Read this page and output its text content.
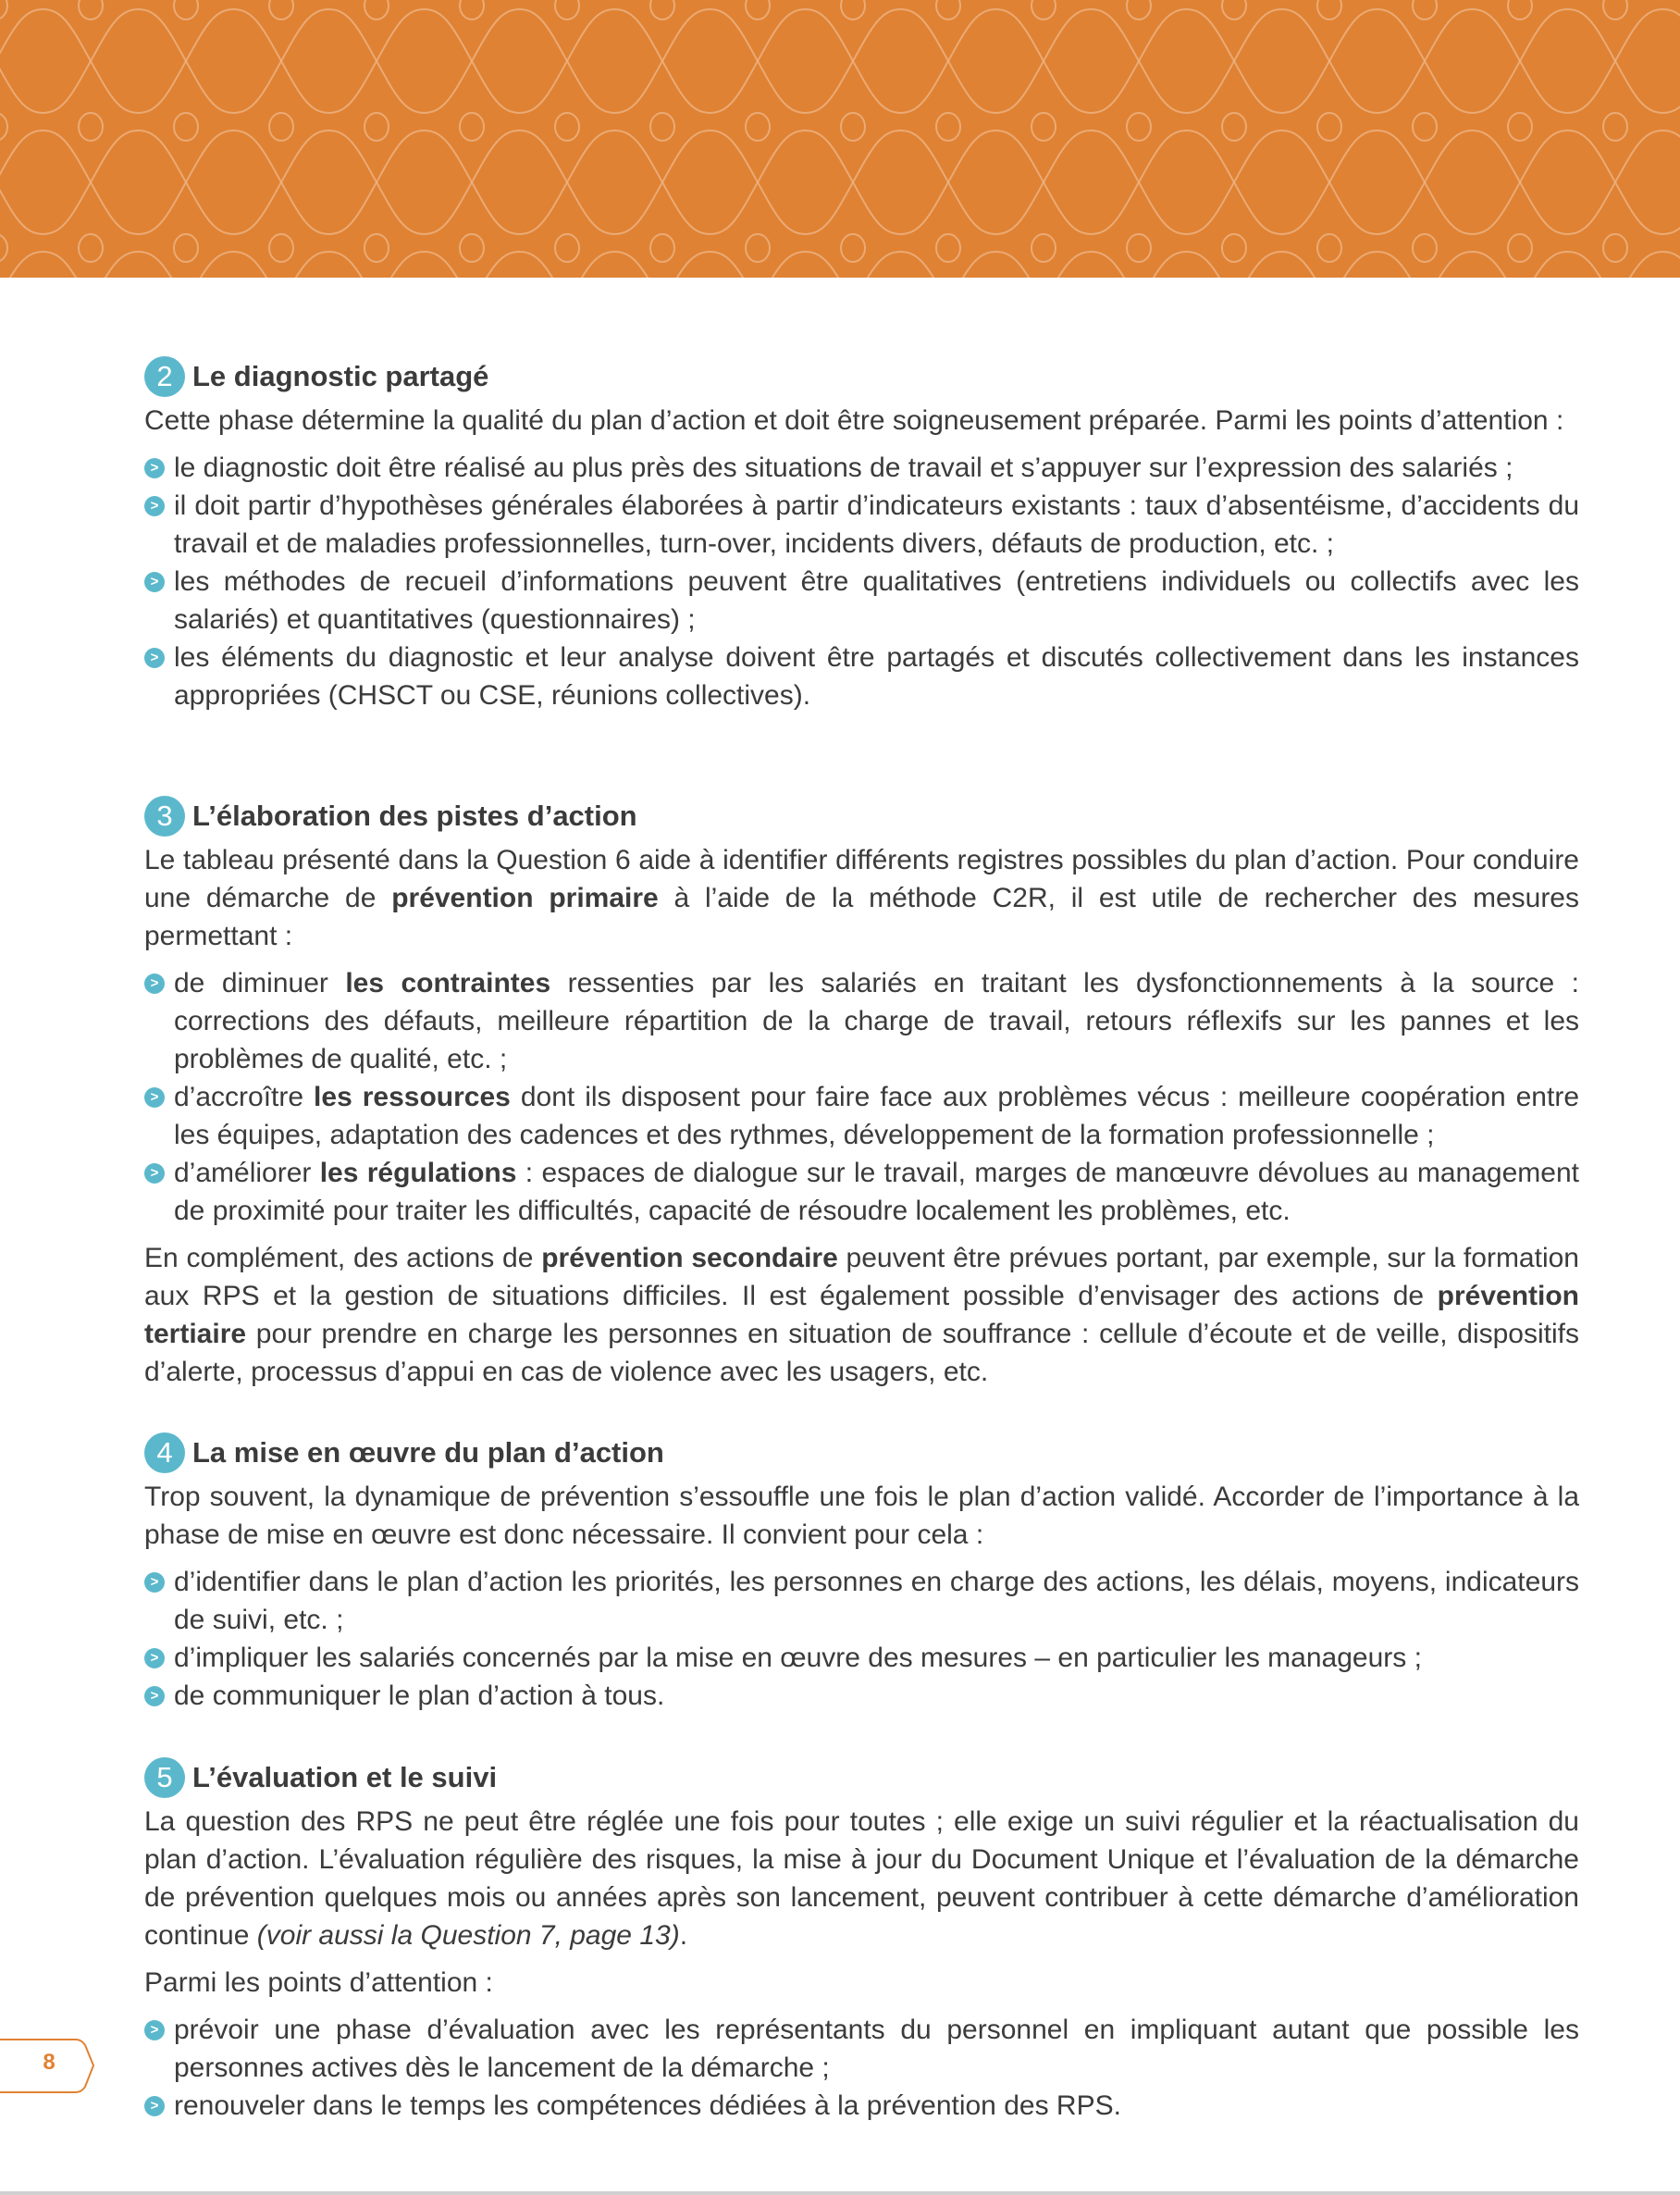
2 Le diagnostic partagé

Cette phase détermine la qualité du plan d’action et doit être soigneusement préparée. Parmi les points d’attention :

> le diagnostic doit être réalisé au plus près des situations de travail et s’appuyer sur l’expression des salariés ;
> il doit partir d’hypothèses générales élaborées à partir d’indicateurs existants : taux d’absentéisme, d’accidents du travail et de maladies professionnelles, turn-over, incidents divers, défauts de production, etc. ;
> les méthodes de recueil d’informations peuvent être qualitatives (entretiens individuels ou collectifs avec les salariés) et quantitatives (questionnaires) ;
> les éléments du diagnostic et leur analyse doivent être partagés et discutés collectivement dans les instances appropriées (CHSCT ou CSE, réunions collectives).
3 L’élaboration des pistes d’action

Le tableau présenté dans la Question 6 aide à identifier différents registres possibles du plan d’action. Pour conduire une démarche de prévention primaire à l’aide de la méthode C2R, il est utile de rechercher des mesures permettant :

> de diminuer les contraintes ressenties par les salariés en traitant les dysfonctionnements à la source : corrections des défauts, meilleure répartition de la charge de travail, retours réflexifs sur les pannes et les problèmes de qualité, etc. ;
> d’accroître les ressources dont ils disposent pour faire face aux problèmes vécus : meilleure coopération entre les équipes, adaptation des cadences et des rythmes, développement de la formation professionnelle ;
> d’améliorer les régulations : espaces de dialogue sur le travail, marges de manœuvre dévolues au management de proximité pour traiter les difficultés, capacité de résoudre localement les problèmes, etc.

En complément, des actions de prévention secondaire peuvent être prévues portant, par exemple, sur la formation aux RPS et la gestion de situations difficiles. Il est également possible d’envisager des actions de prévention tertiaire pour prendre en charge les personnes en situation de souffrance : cellule d’écoute et de veille, dispositifs d’alerte, processus d’appui en cas de violence avec les usagers, etc.

4 La mise en œuvre du plan d’action

Trop souvent, la dynamique de prévention s’essouffle une fois le plan d’action validé. Accorder de l’importance à la phase de mise en œuvre est donc nécessaire. Il convient pour cela :

> d’identifier dans le plan d’action les priorités, les personnes en charge des actions, les délais, moyens, indicateurs de suivi, etc. ;
> d’impliquer les salariés concernés par la mise en œuvre des mesures – en particulier les manageurs ;
> de communiquer le plan d’action à tous.
5 L’évaluation et le suivi

La question des RPS ne peut être réglée une fois pour toutes ; elle exige un suivi régulier et la réactualisation du plan d’action. L’évaluation régulière des risques, la mise à jour du Document Unique et l’évaluation de la démarche de prévention quelques mois ou années après son lancement, peuvent contribuer à cette démarche d’amélioration continue (voir aussi la Question 7, page 13).

Parmi les points d’attention :

> prévoir une phase d’évaluation avec les représentants du personnel en impliquant autant que possible les personnes actives dès le lancement de la démarche ;
> renouveler dans le temps les compétences dédiées à la prévention des RPS.
8
